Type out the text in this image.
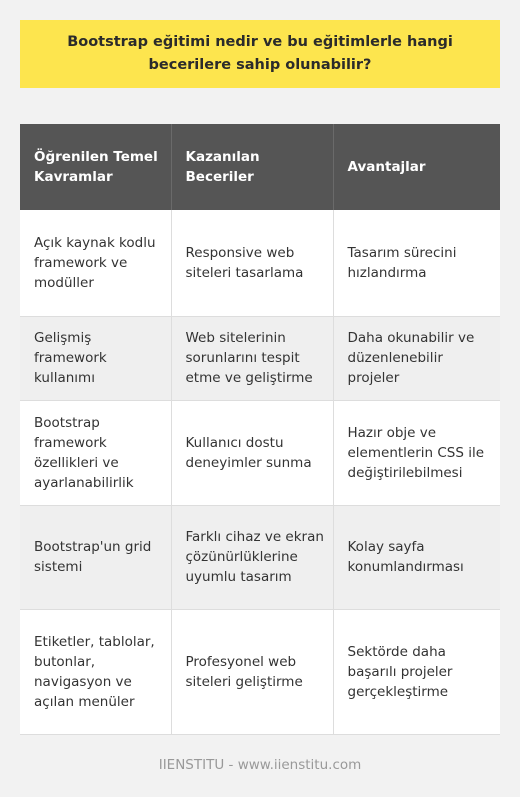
Bootstrap eğitimi nedir ve bu eğitimlerle hangi becerilere sahip olunabilir?
Öğrenilen Temel Kavramlar	Kazanılan Beceriler	Avantajlar
Açık kaynak kodlu framework ve modüller	Responsive web siteleri tasarlama	Tasarım sürecini hızlandırma
Gelişmiş framework kullanımı	Web sitelerinin sorunlarını tespit etme ve geliştirme	Daha okunabilir ve düzenlenebilir projeler
Bootstrap framework özellikleri ve ayarlanabilirlik	Kullanıcı dostu deneyimler sunma	Hazır obje ve elementlerin CSS ile değiştirilebilmesi
Bootstrap'un grid sistemi	Farklı cihaz ve ekran çözünürlüklerine uyumlu tasarım	Kolay sayfa konumlandırması
Etiketler, tablolar, butonlar, navigasyon ve açılan menüler	Profesyonel web siteleri geliştirme	Sektörde daha başarılı projeler gerçekleştirme
IIENSTITU - www.iienstitu.com
